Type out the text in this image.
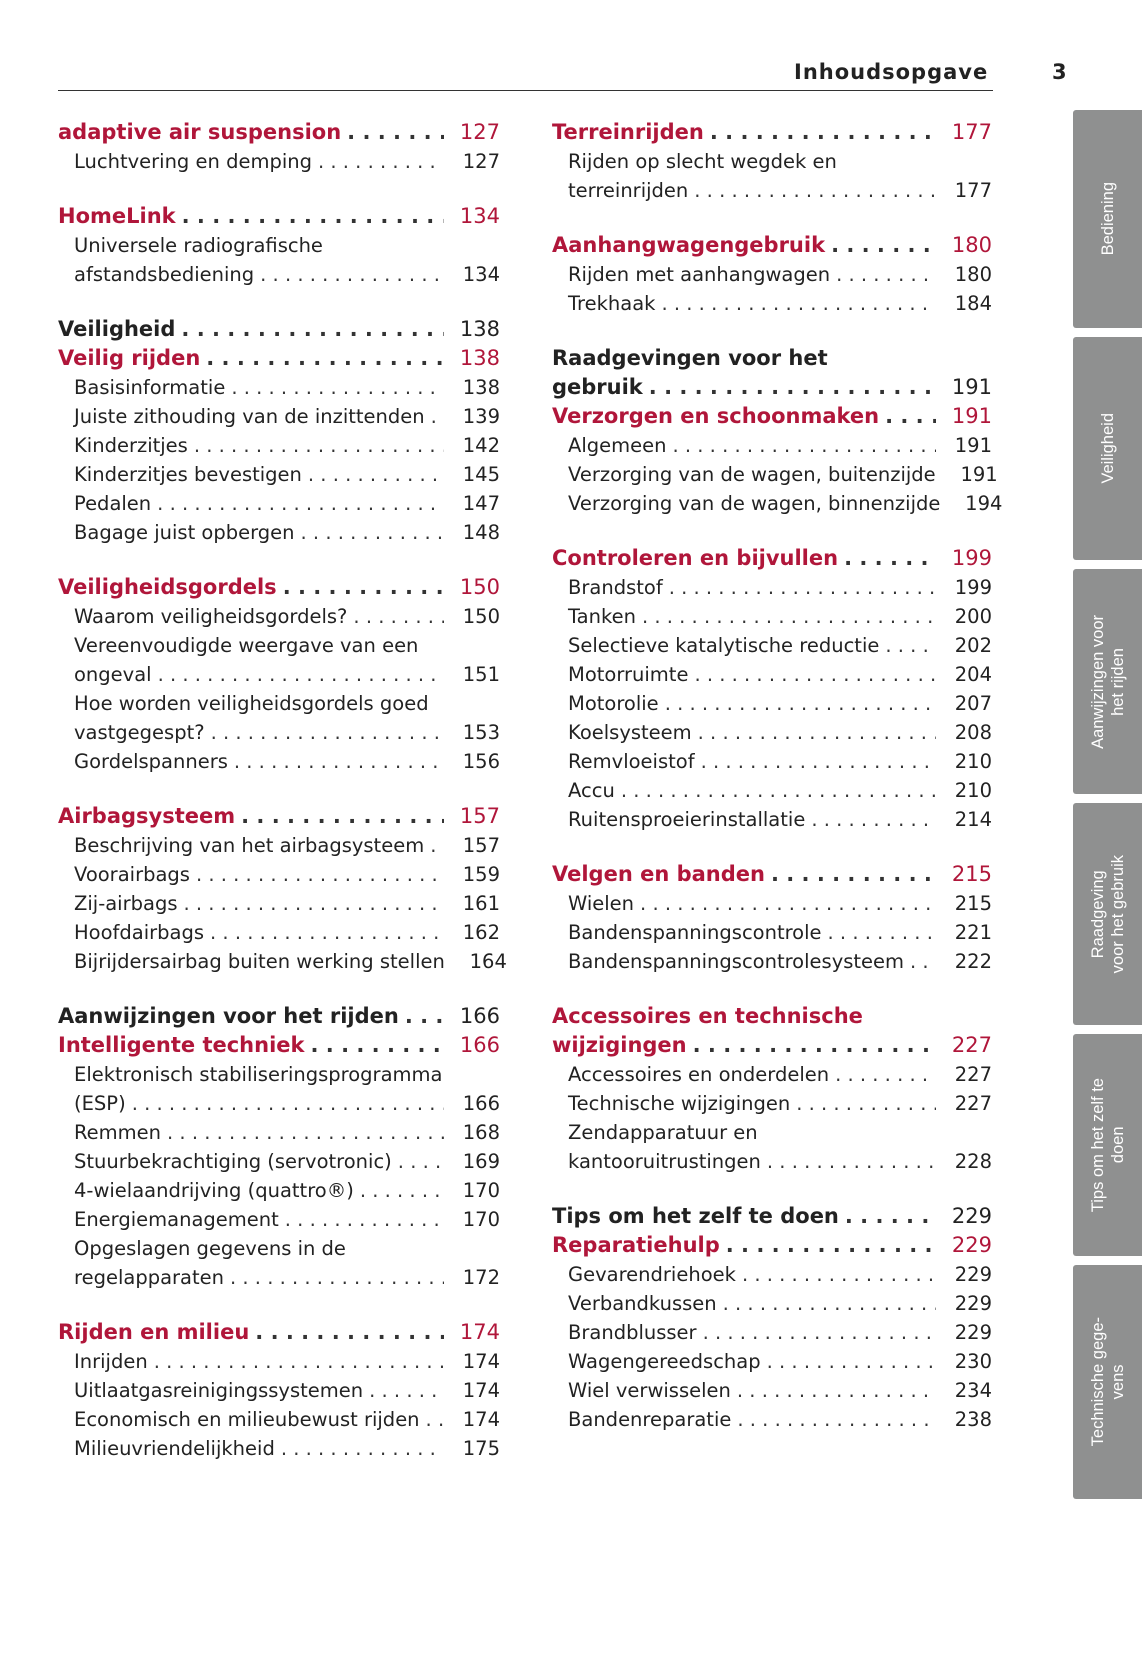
Inhoudsopgave	3
adaptive air suspension . . .	127
Luchtvering en demping . . .	127
HomeLink . . .	134
Universele radiografische
afstandsbediening . . .	134
Veiligheid . . .	138
Veilig rijden . . .	138
Basisinformatie . . .	138
Juiste zithouding van de inzittenden . . .	139
Kinderzitjes . . .	142
Kinderzitjes bevestigen . . .	145
Pedalen . . .	147
Bagage juist opbergen . . .	148
Veiligheidsgordels . . .	150
Waarom veiligheidsgordels? . . .	150
Vereenvoudigde weergave van een
ongeval . . .	151
Hoe worden veiligheidsgordels goed
vastgegespt? . . .	153
Gordelspanners . . .	156
Airbagsysteem . . .	157
Beschrijving van het airbagsysteem . . .	157
Voorairbags . . .	159
Zij-airbags . . .	161
Hoofdairbags . . .	162
Bijrijdersairbag buiten werking stellen	164
Aanwijzingen voor het rijden . . .	166
Intelligente techniek . . .	166
Elektronisch stabiliseringsprogramma
(ESP) . . .	166
Remmen . . .	168
Stuurbekrachtiging (servotronic) . . .	169
4-wielaandrijving (quattro®) . . .	170
Energiemanagement . . .	170
Opgeslagen gegevens in de
regelapparaten . . .	172
Rijden en milieu . . .	174
Inrijden . . .	174
Uitlaatgasreinigingssystemen . . .	174
Economisch en milieubewust rijden . . .	174
Milieuvriendelijkheid . . .	175
Terreinrijden . . .	177
Rijden op slecht wegdek en
terreinrijden . . .	177
Aanhangwagengebruik . . .	180
Rijden met aanhangwagen . . .	180
Trekhaak . . .	184
Raadgevingen voor het
gebruik . . .	191
Verzorgen en schoonmaken . . .	191
Algemeen . . .	191
Verzorging van de wagen, buitenzijde	191
Verzorging van de wagen, binnenzijde	194
Controleren en bijvullen . . .	199
Brandstof . . .	199
Tanken . . .	200
Selectieve katalytische reductie . . .	202
Motorruimte . . .	204
Motorolie . . .	207
Koelsysteem . . .	208
Remvloeistof . . .	210
Accu . . .	210
Ruitensproeierinstallatie . . .	214
Velgen en banden . . .	215
Wielen . . .	215
Bandenspanningscontrole . . .	221
Bandenspanningscontrolesysteem . . .	222
Accessoires en technische
wijzigingen . . .	227
Accessoires en onderdelen . . .	227
Technische wijzigingen . . .	227
Zendapparatuur en
kantooruitrustingen . . .	228
Tips om het zelf te doen . . .	229
Reparatiehulp . . .	229
Gevarendriehoek . . .	229
Verbandkussen . . .	229
Brandblusser . . .	229
Wagengereedschap . . .	230
Wiel verwisselen . . .	234
Bandenreparatie . . .	238
Bediening
Veiligheid
Aanwijzingen voor
het rijden
Raadgeving
voor het gebruik
Tips om het zelf te
doen
Technische gege-
vens
